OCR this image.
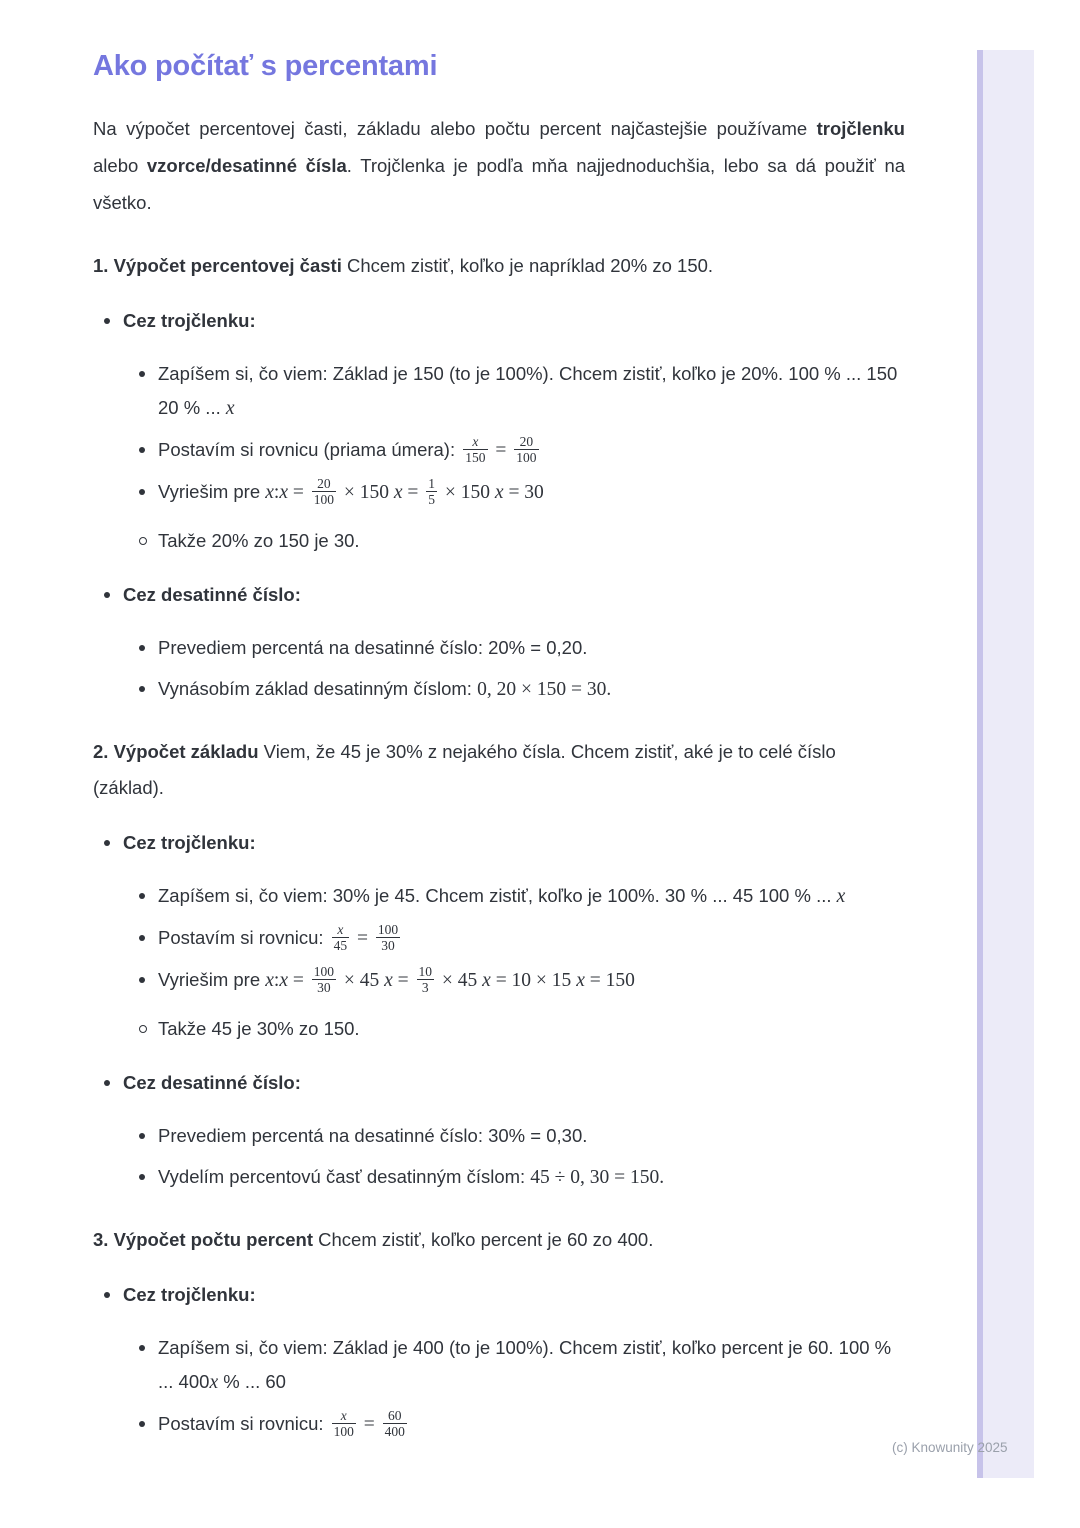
(c) Knowunity 2025
Ako počítať s percentami

Na výpočet percentovej časti, základu alebo počtu percent najčastejšie používame trojčlenku alebo vzorce/desatinné čísla. Trojčlenka je podľa mňa najjednoduchšia, lebo sa dá použiť na všetko.

1. Výpočet percentovej časti Chcem zistiť, koľko je napríklad 20% zo 150.

Cez trojčlenku:
Zapíšem si, čo viem: Základ je 150 (to je 100%). Chcem zistiť, koľko je 20%. 100 % ... 150 20 % ... x
Postavím si rovnicu (priama úmera): $\frac{x}{150} = \frac{20}{100}$
Vyriešim pre x:x = $\frac{20}{100} \times 150$ $x = \frac{1}{5} \times 150$ x = 30
Takže 20% zo 150 je 30.
Cez desatinné číslo:
Prevediem percentá na desatinné číslo: 20% = 0,20.
Vynásobím základ desatinným číslom: 0, 20 × 150 = 30.

2. Výpočet základu Viem, že 45 je 30% z nejakého čísla. Chcem zistiť, aké je to celé číslo (základ).

Cez trojčlenku:
Zapíšem si, čo viem: 30% je 45. Chcem zistiť, koľko je 100%. 30 % ... 45 100 % ... x
Postavím si rovnicu: $\frac{x}{45} = \frac{100}{30}$
Vyriešim pre x:x = $\frac{100}{30} \times 45$ $x = \frac{10}{3} \times 45$ x = 10 × 15 x = 150
Takže 45 je 30% zo 150.
Cez desatinné číslo:
Prevediem percentá na desatinné číslo: 30% = 0,30.
Vydelím percentovú časť desatinným číslom: 45 ÷ 0, 30 = 150.

3. Výpočet počtu percent Chcem zistiť, koľko percent je 60 zo 400.

Cez trojčlenku:
Zapíšem si, čo viem: Základ je 400 (to je 100%). Chcem zistiť, koľko percent je 60. 100 % ... 400x % ... 60
Postavím si rovnicu: $\frac{x}{100} = \frac{60}{400}$
